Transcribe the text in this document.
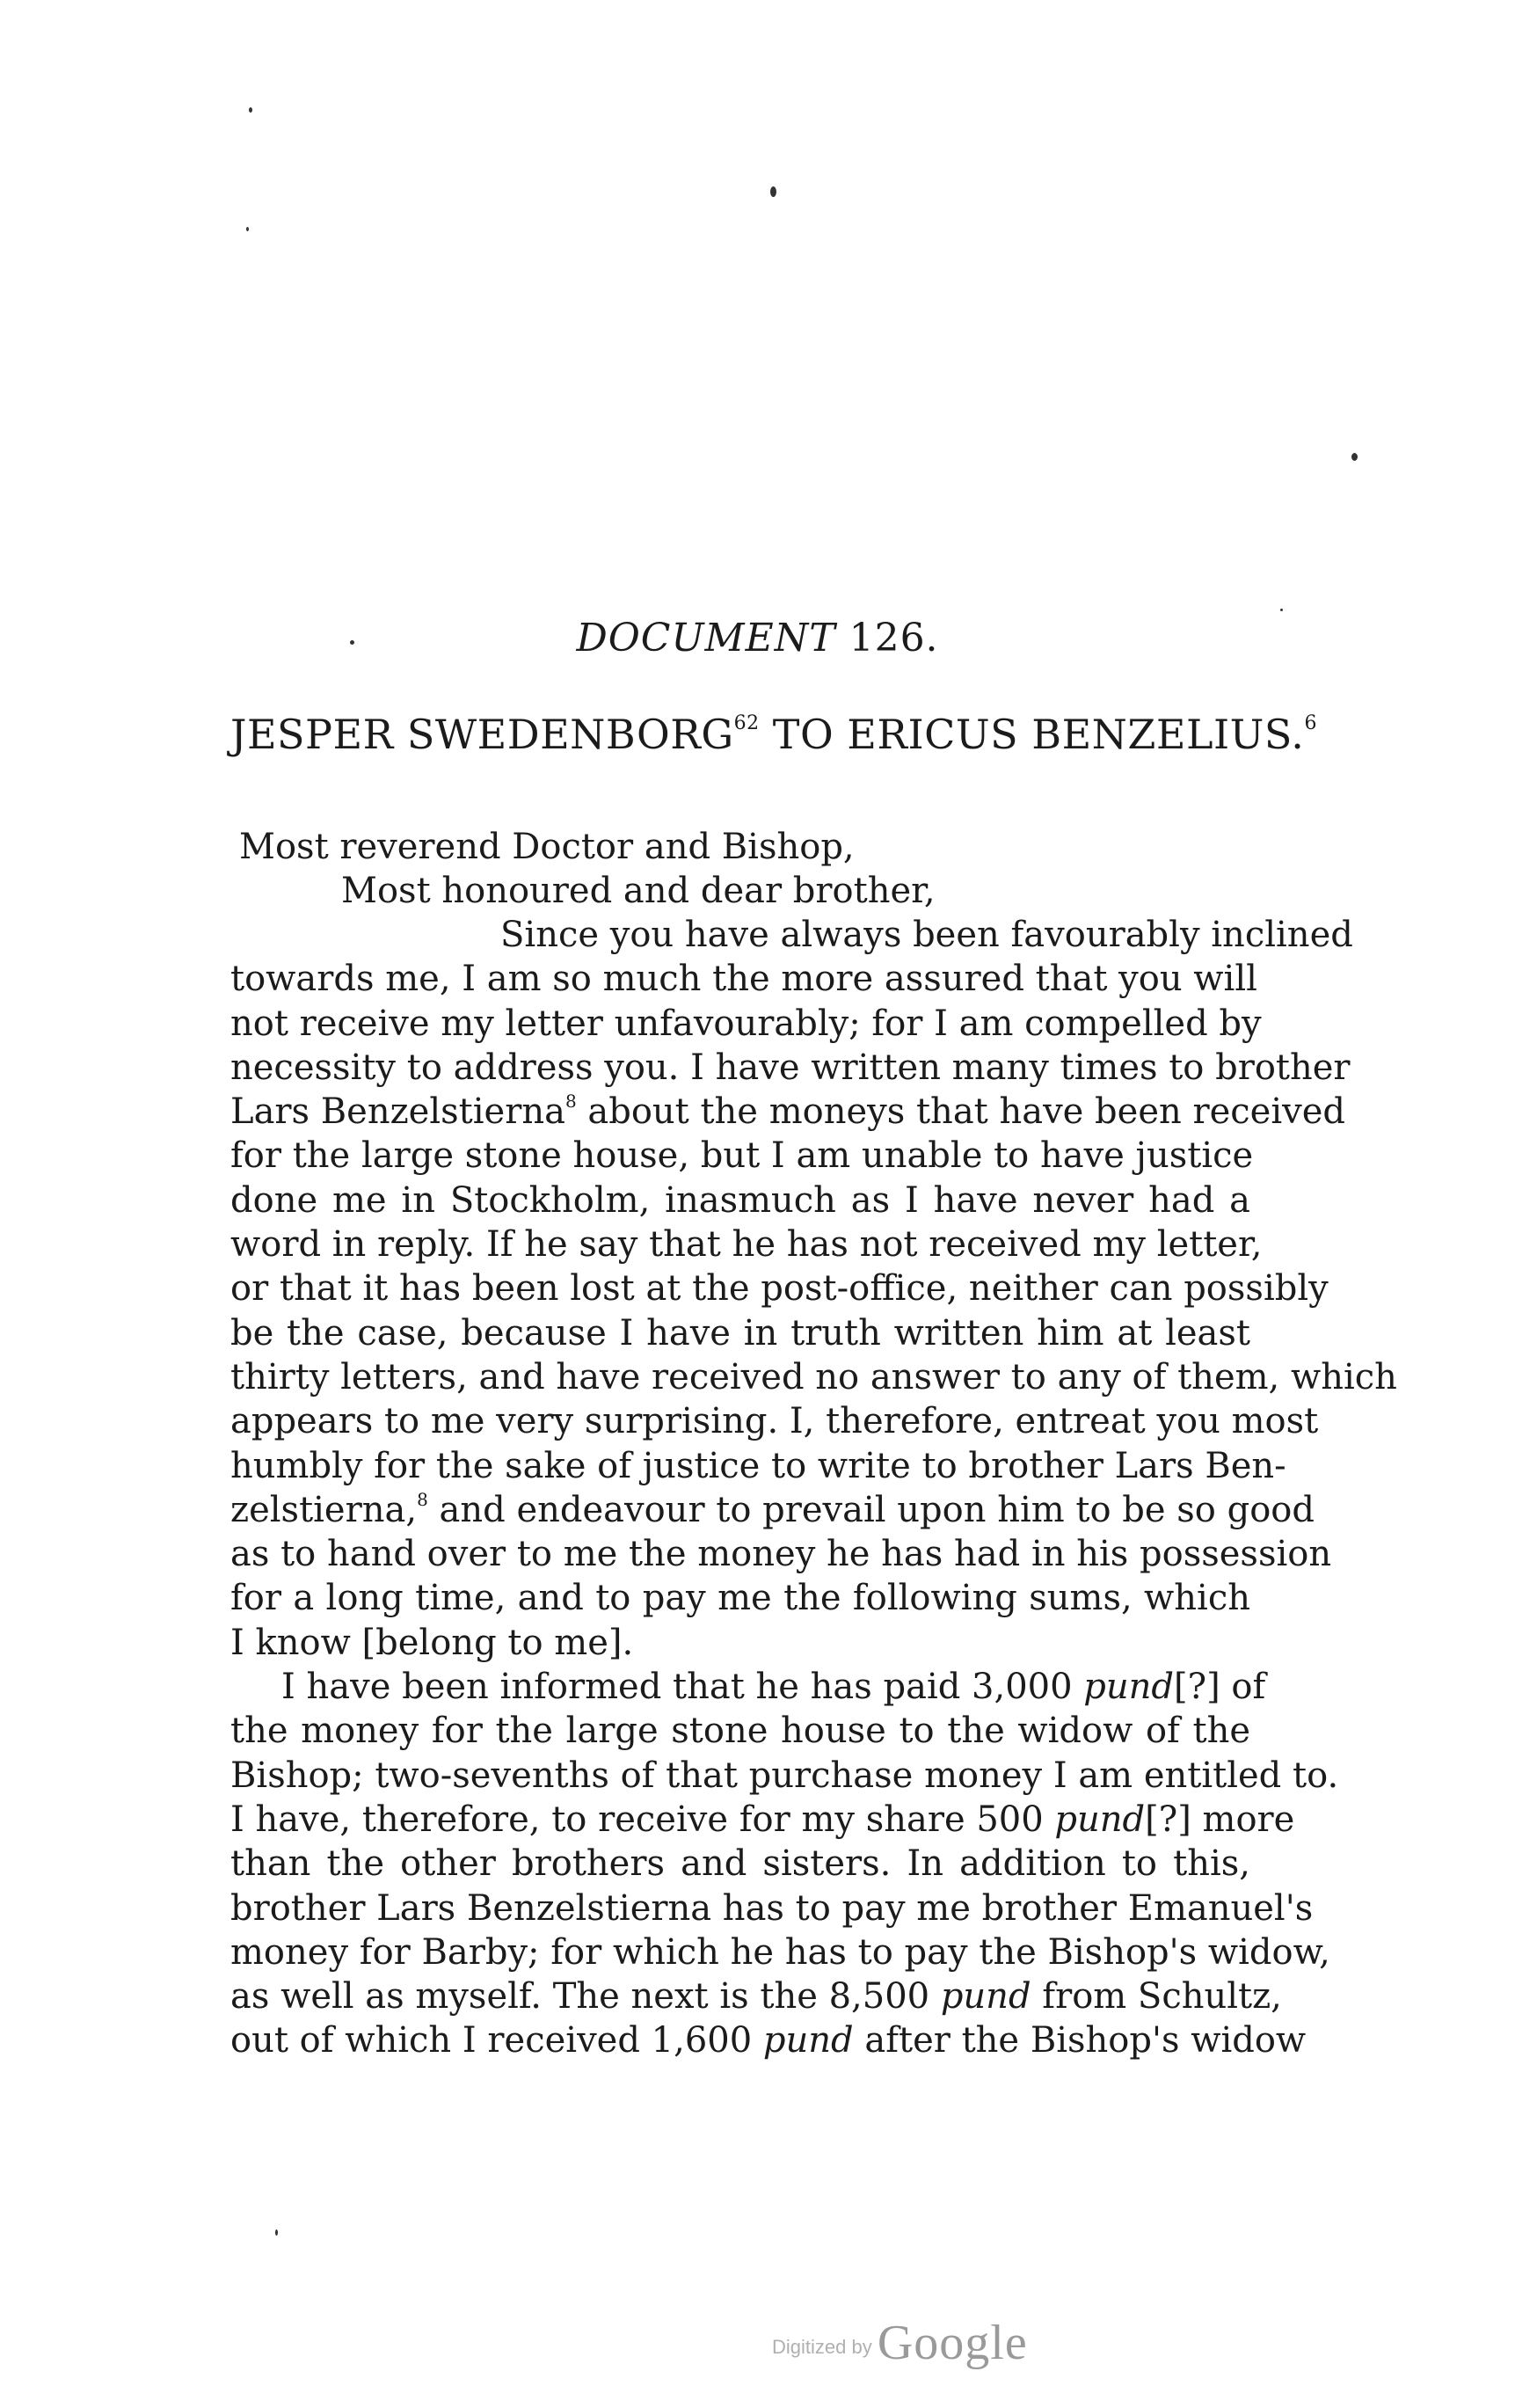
DOCUMENT 126.
JESPER SWEDENBORG$^{62}$ TO ERICUS BENZELIUS.$^6$
Most reverend Doctor and Bishop,
Most honoured and dear brother,
Since you have always been favourably inclined
towards me, I am so much the more assured that you will
not receive my letter unfavourably; for I am compelled by
necessity to address you. I have written many times to brother
Lars Benzelstierna$^8$ about the moneys that have been received
for the large stone house, but I am unable to have justice
done me in Stockholm, inasmuch as I have never had a
word in reply. If he say that he has not received my letter,
or that it has been lost at the post-office, neither can possibly
be the case, because I have in truth written him at least
thirty letters, and have received no answer to any of them, which
appears to me very surprising. I, therefore, entreat you most
humbly for the sake of justice to write to brother Lars Ben-
zelstierna,$^8$ and endeavour to prevail upon him to be so good
as to hand over to me the money he has had in his possession
for a long time, and to pay me the following sums, which
I know [belong to me].
I have been informed that he has paid 3,000 pund[?] of
the money for the large stone house to the widow of the
Bishop; two-sevenths of that purchase money I am entitled to.
I have, therefore, to receive for my share 500 pund[?] more
than the other brothers and sisters. In addition to this,
brother Lars Benzelstierna has to pay me brother Emanuel's
money for Barby; for which he has to pay the Bishop's widow,
as well as myself. The next is the 8,500 pund from Schultz,
out of which I received 1,600 pund after the Bishop's widow
Digitized by Google
